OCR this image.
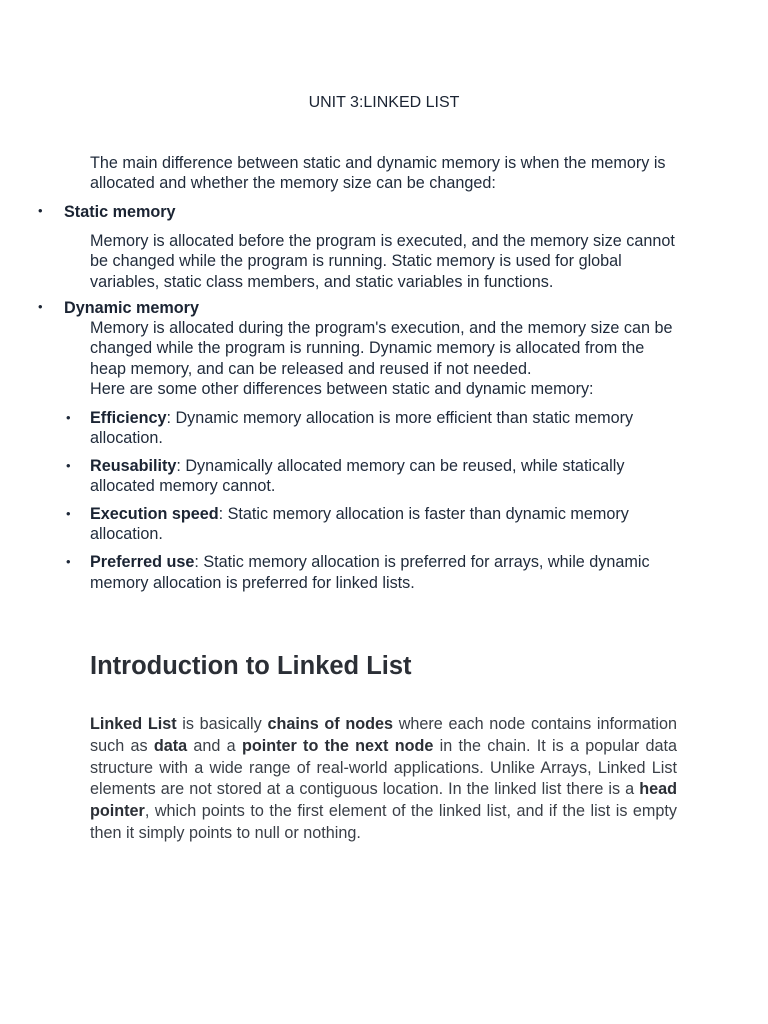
UNIT 3:LINKED LIST
The main difference between static and dynamic memory is when the memory is allocated and whether the memory size can be changed:
• Static memory
Memory is allocated before the program is executed, and the memory size cannot be changed while the program is running. Static memory is used for global variables, static class members, and static variables in functions.
• Dynamic memory
Memory is allocated during the program's execution, and the memory size can be changed while the program is running. Dynamic memory is allocated from the heap memory, and can be released and reused if not needed.
Here are some other differences between static and dynamic memory:
• Efficiency: Dynamic memory allocation is more efficient than static memory allocation.
• Reusability: Dynamically allocated memory can be reused, while statically allocated memory cannot.
• Execution speed: Static memory allocation is faster than dynamic memory allocation.
• Preferred use: Static memory allocation is preferred for arrays, while dynamic memory allocation is preferred for linked lists.
Introduction to Linked List
Linked List is basically chains of nodes where each node contains information such as data and a pointer to the next node in the chain. It is a popular data structure with a wide range of real-world applications. Unlike Arrays, Linked List elements are not stored at a contiguous location. In the linked list there is a head pointer, which points to the first element of the linked list, and if the list is empty then it simply points to null or nothing.
